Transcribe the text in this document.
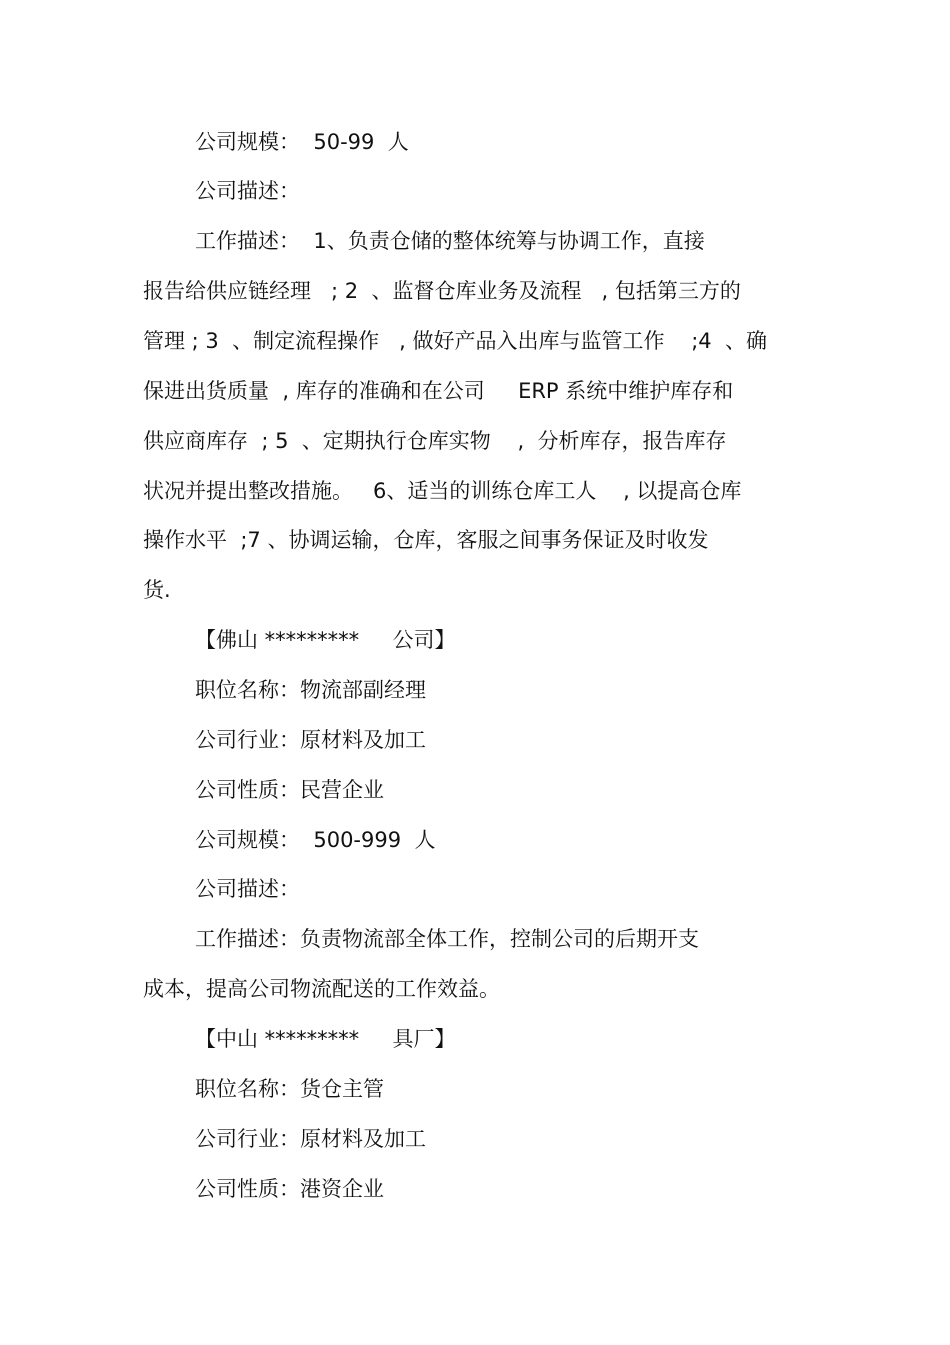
公司规模：  50-99  人
公司描述：
工作描述：  1、负责仓储的整体统筹与协调工作，直接
报告给供应链经理   ; 2  、监督仓库业务及流程   , 包括第三方的
管理 ; 3  、制定流程操作   , 做好产品入出库与监管工作    ;4  、确
保进出货质量  , 库存的准确和在公司     ERP 系统中维护库存和
供应商库存  ; 5  、定期执行仓库实物    ,  分析库存，报告库存
状况并提出整改措施。   6、适当的训练仓库工人    , 以提高仓库
操作水平  ;7 、协调运输，仓库，客服之间事务保证及时收发
货.
【佛山 *********     公司】
职位名称：物流部副经理
公司行业：原材料及加工
公司性质：民营企业
公司规模：  500-999  人
公司描述：
工作描述：负责物流部全体工作，控制公司的后期开支
成本，提高公司物流配送的工作效益。
【中山 *********     具厂】
职位名称：货仓主管
公司行业：原材料及加工
公司性质：港资企业
